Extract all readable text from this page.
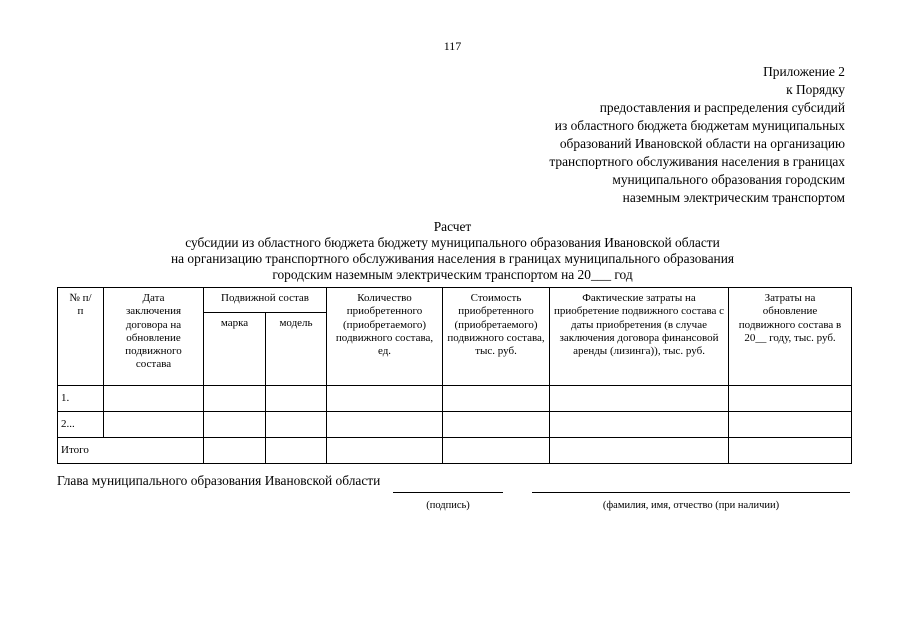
117
Приложение 2
к Порядку
предоставления и распределения субсидий
из областного бюджета бюджетам муниципальных
образований Ивановской области на организацию
транспортного обслуживания населения в границах
муниципального образования городским
наземным электрическим транспортом
Расчет
субсидии из областного бюджета бюджету муниципального образования Ивановской области
на организацию транспортного обслуживания населения в границах муниципального образования
городским наземным электрическим транспортом на 20___ год
№ п/п	Дата заключения договора на обновление подвижного состава	Подвижной состав		Количество приобретенного (приобретаемого) подвижного состава, ед.	Стоимость приобретенного (приобретаемого) подвижного состава, тыс. руб.	Фактические затраты на приобретение подвижного состава с даты приобретения (в случае заключения договора финансовой аренды (лизинга)), тыс. руб.	Затраты на обновление подвижного состава в 20__ году, тыс. руб.
		марка	модель				
1.							
2...							
Итого							
Глава муниципального образования Ивановской области
(подпись)	(фамилия, имя, отчество (при наличии)
